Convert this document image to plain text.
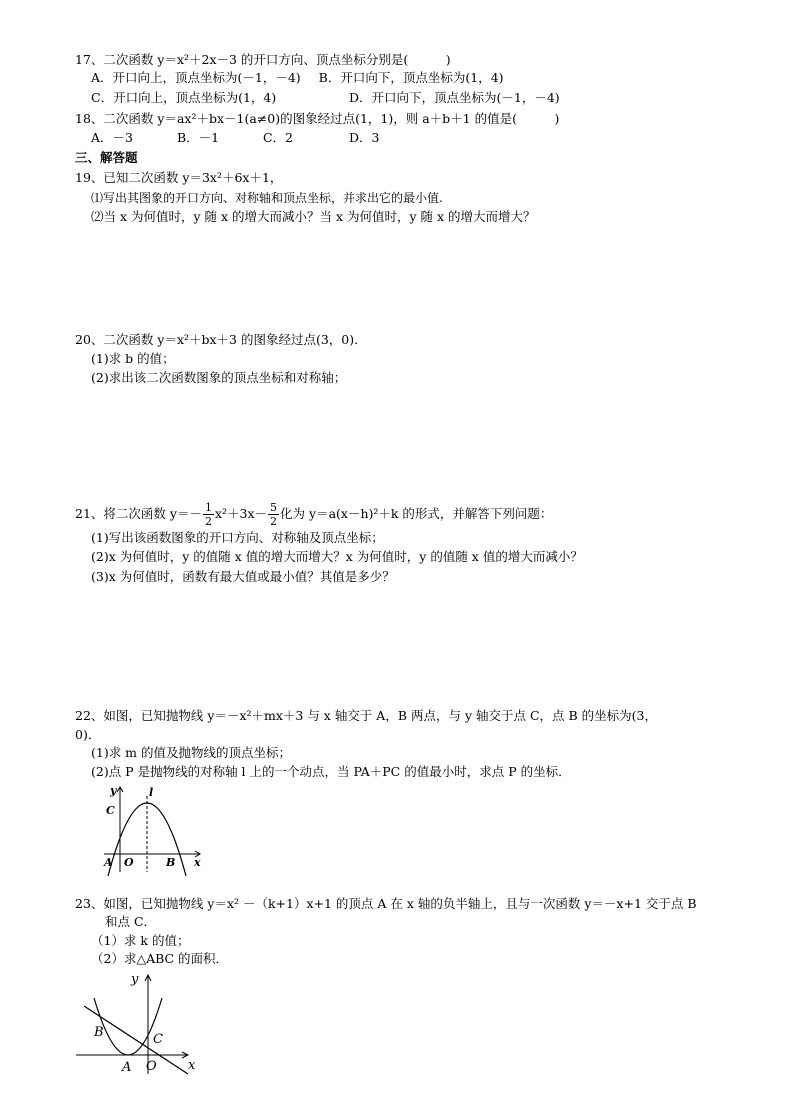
17、二次函数 y＝x²＋2x－3 的开口方向、顶点坐标分别是(　　　)
A．开口向上，顶点坐标为(－1，－4) B．开口向下，顶点坐标为(1，4)
C．开口向上，顶点坐标为(1，4)	D．开口向下，顶点坐标为(－1，－4)
18、二次函数 y＝ax²＋bx－1(a≠0)的图象经过点(1，1)，则 a＋b＋1 的值是(　　　)
A．－3	B．－1	C．2	D．3
三、解答题
19、已知二次函数 y＝3x²＋6x＋1，
⑴写出其图象的开口方向、对称轴和顶点坐标，并求出它的最小值.
⑵当 x 为何值时，y 随 x 的增大而减小？当 x 为何值时，y 随 x 的增大而增大？
20、二次函数 y＝x²＋bx＋3 的图象经过点(3，0)．
(1)求 b 的值；
(2)求出该二次函数图象的顶点坐标和对称轴；
21、将二次函数 $y=- \frac{1}{2} x^2+3x- \frac{5}{2}$ 化为 y＝a(x－h)²＋k 的形式，并解答下列问题：
(1)写出该函数图象的开口方向、对称轴及顶点坐标；
(2)x 为何值时，y 的值随 x 值的增大而增大？x 为何值时，y 的值随 x 值的增大而减小？
(3)x 为何值时，函数有最大值或最小值？其值是多少？
22、如图，已知抛物线 y＝－x²＋mx＋3 与 x 轴交于 A，B 两点，与 y 轴交于点 C，点 B 的坐标为(3，
0)．
(1)求 m 的值及抛物线的顶点坐标；
(2)点 P 是抛物线的对称轴 l 上的一个动点，当 PA＋PC 的值最小时，求点 P 的坐标．
y	l
C
A O	B x
23、如图，已知抛物线 y＝x² －（k+1）x+1 的顶点 A 在 x 轴的负半轴上，且与一次函数 y＝－x+1 交于点 B
和点 C．
（1）求 k 的值；
（2）求△ABC 的面积．
y
B	C
A O x
